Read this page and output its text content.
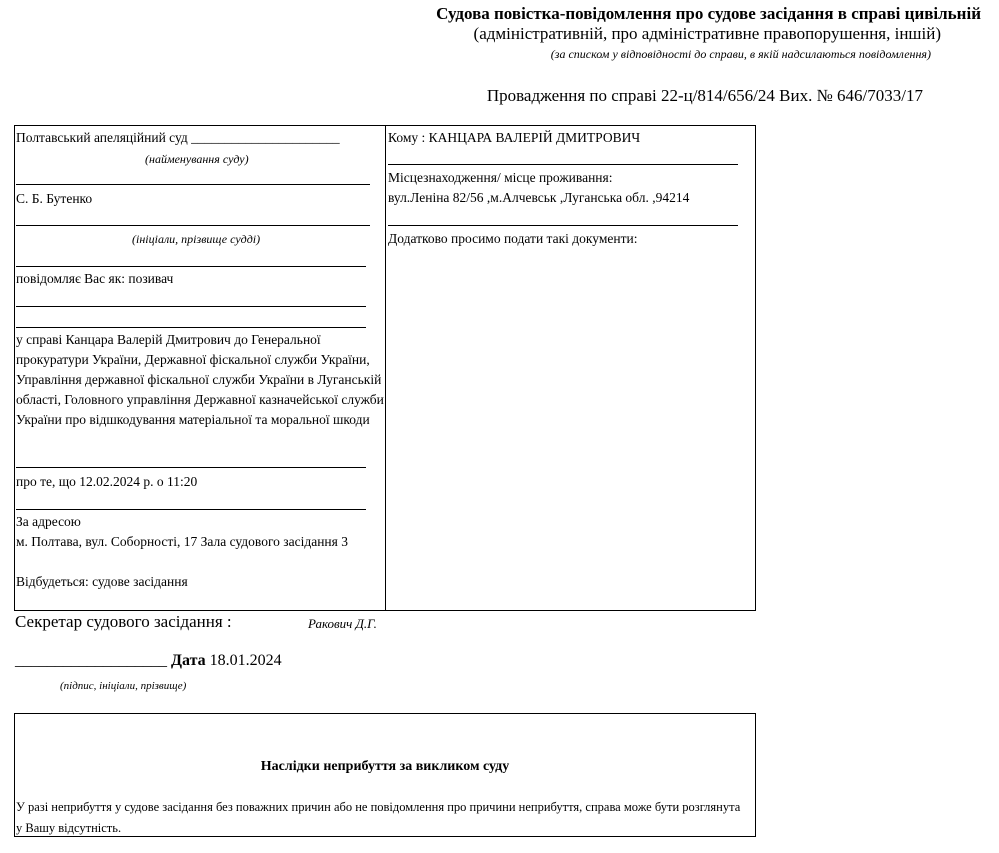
Судова повістка-повідомлення про судове засідання в справі цивільній
(адміністративній, про адміністративне правопорушення, іншій)
(за списком у відповідності до справи, в якій надсилаються повідомлення)
Провадження по справі 22-ц/814/656/24 Вих. № 646/7033/17
Полтавський апеляційний суд ______________________
(найменування суду)
С. Б. Бутенко
(ініціали, прізвище судді)
повідомляє Вас як: позивач
у справі Канцара Валерій Дмитрович до Генеральної прокуратури України, Державної фіскальної служби України, Управління державної фіскальної служби України в Луганській області, Головного управління Державної казначейської служби України про відшкодування матеріальної та моральної шкоди
про те, що 12.02.2024 р. о 11:20
За адресою
м. Полтава, вул. Соборності, 17 Зала судового засідання 3
Відбудеться: судове засідання
Кому : КАНЦАРА ВАЛЕРІЙ ДМИТРОВИЧ
Місцезнаходження/ місце проживання:
вул.Леніна 82/56 ,м.Алчевськ ,Луганська обл. ,94214
Додатково просимо подати такі документи:
Секретар судового засідання :	Ракович Д.Г.
___________________ Дата 18.01.2024
(підпис, ініціали, прізвище)
Наслідки неприбуття за викликом суду
У разі неприбуття у судове засідання без поважних причин або не повідомлення про причини неприбуття, справа може бути розглянута у Вашу відсутність.
